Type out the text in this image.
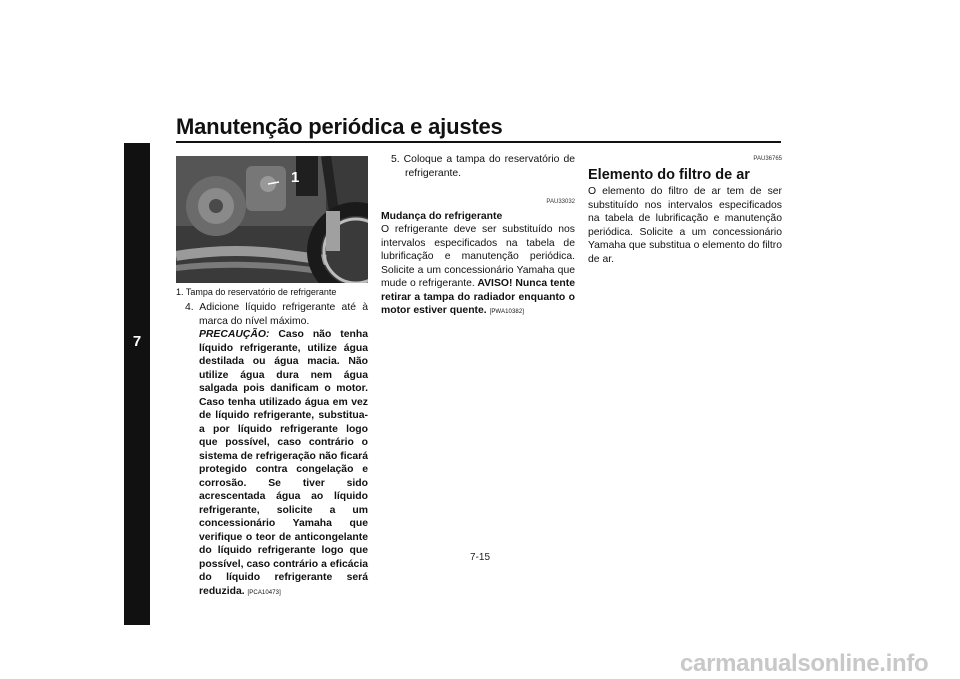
Manutenção periódica e ajustes
7
1
1. Tampa do reservatório de refrigerante
4. Adicione líquido refrigerante até à marca do nível máximo.
PRECAUÇÃO: Caso não tenha líquido refrigerante, utilize água destilada ou água macia. Não utilize água dura nem água salgada pois danificam o motor. Caso tenha utilizado água em vez de líquido refrigerante, substitua-a por líquido refrigerante logo que possível, caso contrário o sistema de refrigeração não ficará protegido contra congelação e corrosão. Se tiver sido acrescentada água ao líquido refrigerante, solicite a um concessionário Yamaha que verifique o teor de anticongelante do líquido refrigerante logo que possível, caso contrário a eficácia do líquido refrigerante será reduzida. [PCA10473]
5. Coloque a tampa do reservatório de refrigerante.
PAU33032
Mudança do refrigerante
O refrigerante deve ser substituído nos intervalos especificados na tabela de lubrificação e manutenção periódica. Solicite a um concessionário Yamaha que mude o refrigerante. AVISO! Nunca tente retirar a tampa do radiador enquanto o motor estiver quente. [PWA10382]
PAU36765
Elemento do filtro de ar
O elemento do filtro de ar tem de ser substituído nos intervalos especificados na tabela de lubrificação e manutenção periódica. Solicite a um concessionário Yamaha que substitua o elemento do filtro de ar.
7-15
carmanualsonline.info
